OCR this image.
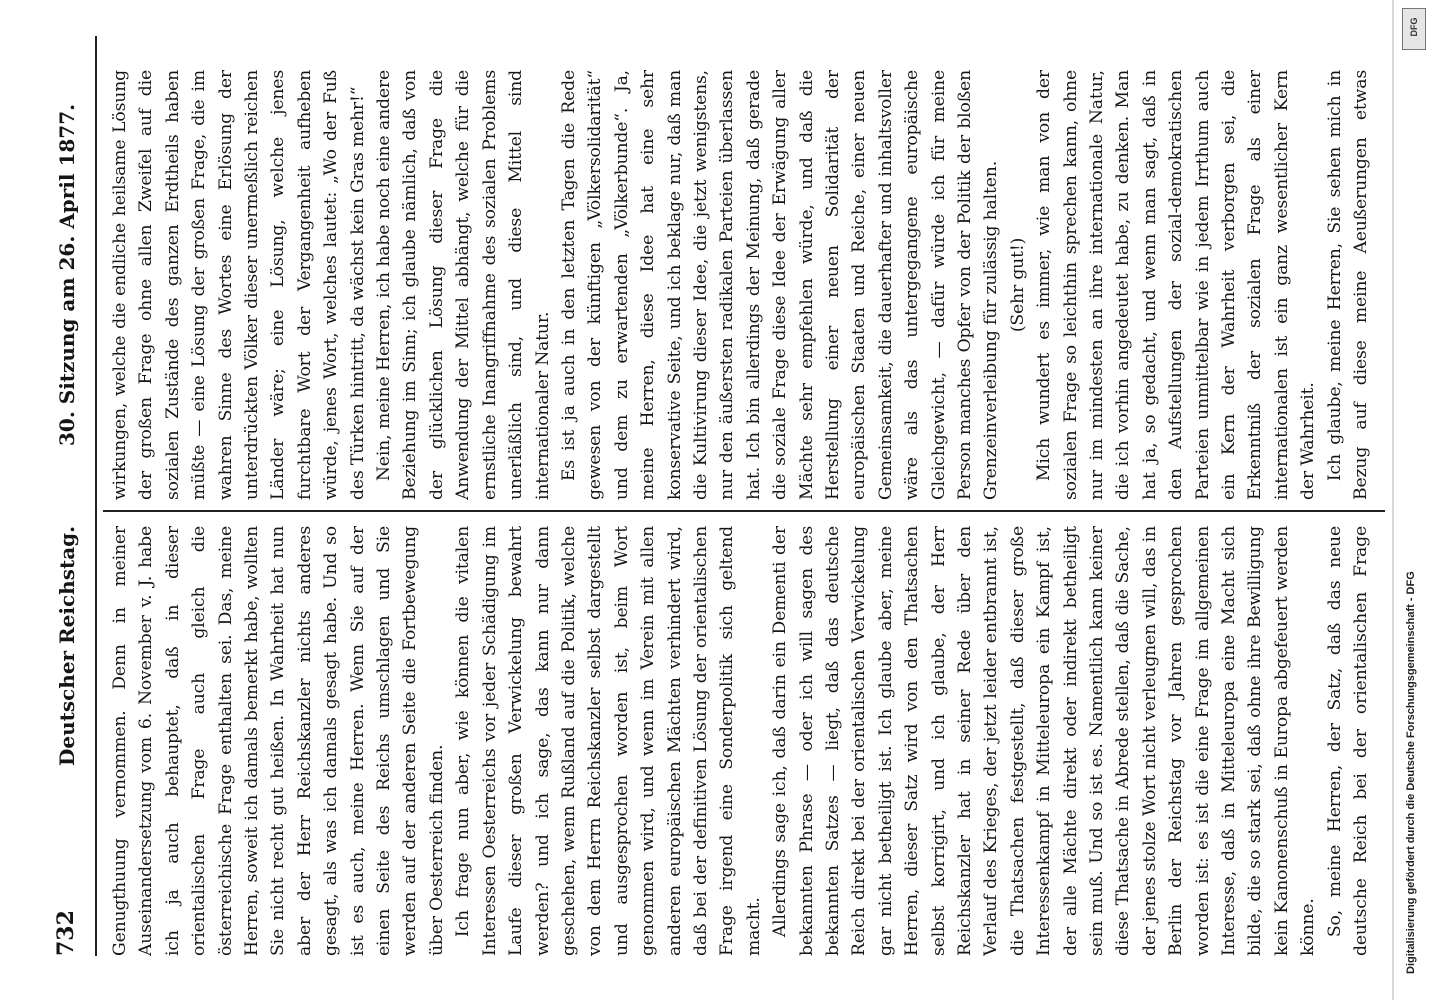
732
Deutscher Reichstag.
30. Sitzung am 26. April 1877.

Genugthuung vernommen. Denn in meiner Auseinandersetzung vom 6. November v. J. habe ich ja auch behauptet, daß in dieser orientalischen Frage auch gleich die österreichische Frage enthalten sei. Das, meine Herren, soweit ich damals bemerkt habe, wollten Sie nicht recht gut heißen. In Wahrheit hat nun aber der Herr Reichskanzler nichts anderes gesagt, als was ich damals gesagt habe. Und so ist es auch, meine Herren. Wenn Sie auf der einen Seite des Reichs umschlagen und Sie werden auf der anderen Seite die Fortbewegung über Oesterreich finden. Ich frage nun aber, wie können die vitalen Interessen Oesterreichs vor jeder Schädigung im Laufe dieser großen Verwickelung bewahrt werden? und ich sage, das kann nur dann geschehen, wenn Rußland auf die Politik, welche von dem Herrn Reichskanzler selbst dargestellt und ausgesprochen worden ist, beim Wort genommen wird, und wenn im Verein mit allen anderen europäischen Mächten verhindert wird, daß bei der definitiven Lösung der orientalischen Frage irgend eine Sonderpolitik sich geltend macht. Allerdings sage ich, daß darin ein Dementi der bekannten Phrase — oder ich will sagen des bekannten Satzes — liegt, daß das deutsche Reich direkt bei der orientalischen Verwickelung gar nicht betheiligt ist. Ich glaube aber, meine Herren, dieser Satz wird von den Thatsachen selbst korrigirt, und ich glaube, der Herr Reichskanzler hat in seiner Rede über den Verlauf des Krieges, der jetzt leider entbrannt ist, die Thatsachen festgestellt, daß dieser große Interessenkampf in Mitteleuropa ein Kampf ist, der alle Mächte direkt oder indirekt betheiligt sein muß. Und so ist es. Namentlich kann keiner diese Thatsache in Abrede stellen, daß die Sache, der jenes stolze Wort nicht verleugnen will, das in Berlin der Reichstag vor Jahren gesprochen worden ist: es ist die eine Frage im allgemeinen Interesse, daß in Mitteleuropa eine Macht sich bilde, die so stark sei, daß ohne ihre Bewilligung kein Kanonenschuß in Europa abgefeuert werden könne. So, meine Herren, der Satz, daß das neue deutsche Reich bei der orientalischen Frage

wirkungen, welche die endliche heilsame Lösung der großen Frage ohne allen Zweifel auf die sozialen Zustände des ganzen Erdtheils haben müßte — eine Lösung der großen Frage, die im wahren Sinne des Wortes eine Erlösung der unterdrückten Völker dieser unermeßlich reichen Länder wäre; eine Lösung, welche jenes furchtbare Wort der Vergangenheit aufheben würde, jenes Wort, welches lautet: „Wo der Fuß des Türken hintritt, da wächst kein Gras mehr!“ Nein, meine Herren, ich habe noch eine andere Beziehung im Sinn; ich glaube nämlich, daß von der glücklichen Lösung dieser Frage die Anwendung der Mittel abhängt, welche für die ernstliche Inangriffnahme des sozialen Problems unerläßlich sind, und diese Mittel sind internationaler Natur. Es ist ja auch in den letzten Tagen die Rede gewesen von der künftigen „Völkersolidarität“ und dem zu erwartenden „Völkerbunde“. Ja, meine Herren, diese Idee hat eine sehr konservative Seite, und ich beklage nur, daß man die Kultivirung dieser Idee, die jetzt wenigstens, nur den äußersten radikalen Parteien überlassen hat. Ich bin allerdings der Meinung, daß gerade die soziale Frage diese Idee der Erwägung aller Mächte sehr empfehlen würde, und daß die Herstellung einer neuen Solidarität der europäischen Staaten und Reiche, einer neuen Gemeinsamkeit, die dauerhafter und inhaltsvoller wäre als das untergegangene europäische Gleichgewicht, — dafür würde ich für meine Person manches Opfer von der Politik der bloßen Grenzeinverleibung für zulässig halten. (Sehr gut!) Mich wundert es immer, wie man von der sozialen Frage so leichthin sprechen kann, ohne nur im mindesten an ihre internationale Natur, die ich vorhin angedeutet habe, zu denken. Man hat ja, so gedacht, und wenn man sagt, daß in den Aufstellungen der sozial-demokratischen Parteien unmittelbar wie in jedem Irrthum auch ein Kern der Wahrheit verborgen sei, die Erkenntniß der sozialen Frage als einer internationalen ist ein ganz wesentlicher Kern der Wahrheit. Ich glaube, meine Herren, Sie sehen mich in Bezug auf diese meine Aeußerungen etwas

DFG
Digitalisierung gefördert durch die Deutsche Forschungsgemeinschaft - DFG
